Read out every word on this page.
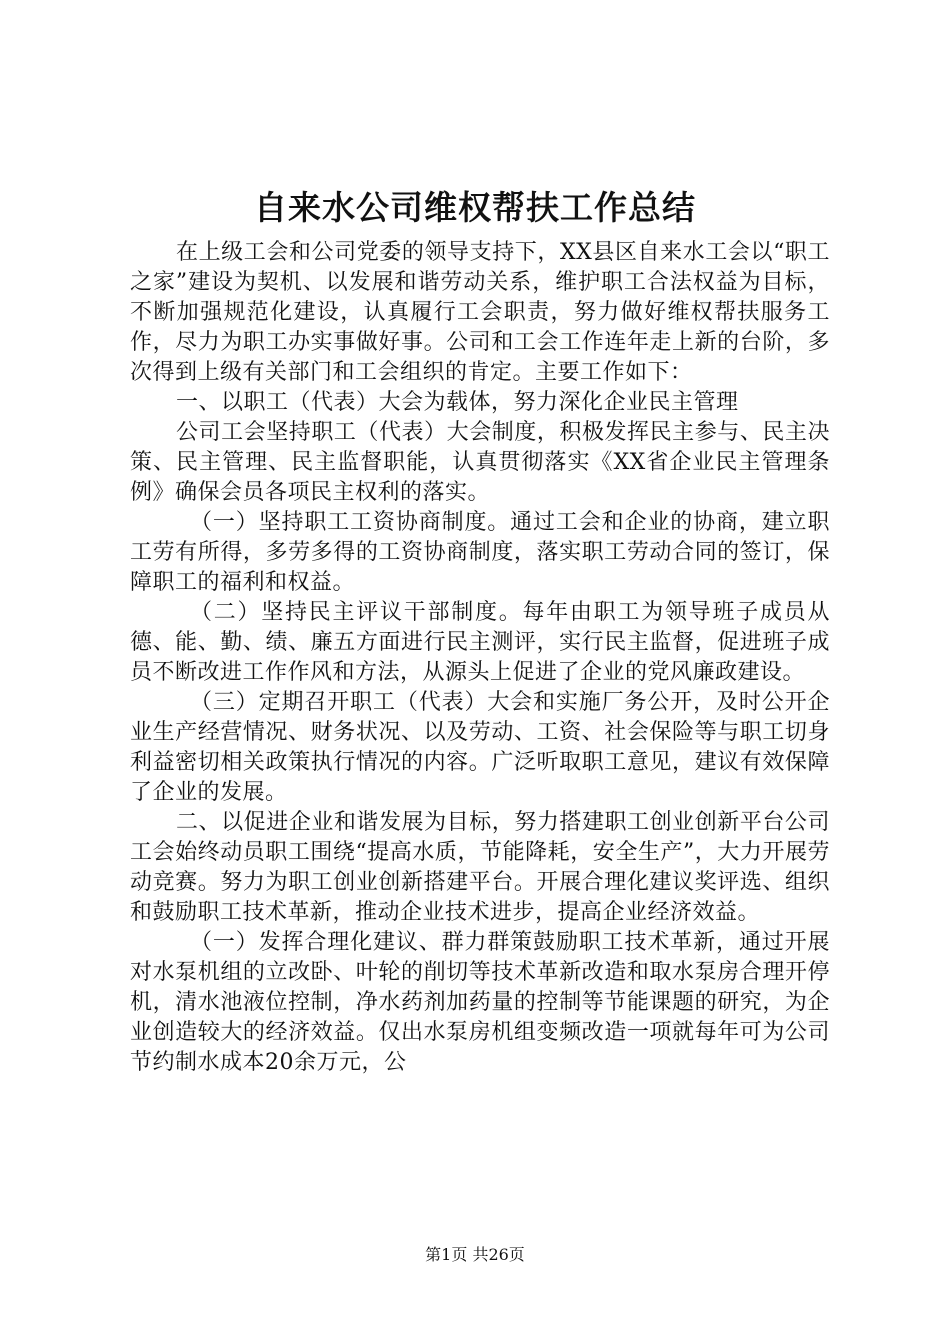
自来水公司维权帮扶工作总结

在上级工会和公司党委的领导支持下，XX县区自来水工会以“职工之家”建设为契机、以发展和谐劳动关系，维护职工合法权益为目标，不断加强规范化建设，认真履行工会职责，努力做好维权帮扶服务工作，尽力为职工办实事做好事。公司和工会工作连年走上新的台阶，多次得到上级有关部门和工会组织的肯定。主要工作如下：

一、以职工（代表）大会为载体，努力深化企业民主管理

公司工会坚持职工（代表）大会制度，积极发挥民主参与、民主决策、民主管理、民主监督职能，认真贯彻落实《XX省企业民主管理条例》确保会员各项民主权利的落实。

（一）坚持职工工资协商制度。通过工会和企业的协商，建立职工劳有所得，多劳多得的工资协商制度，落实职工劳动合同的签订，保障职工的福利和权益。

（二）坚持民主评议干部制度。每年由职工为领导班子成员从德、能、勤、绩、廉五方面进行民主测评，实行民主监督，促进班子成员不断改进工作作风和方法，从源头上促进了企业的党风廉政建设。

（三）定期召开职工（代表）大会和实施厂务公开，及时公开企业生产经营情况、财务状况、以及劳动、工资、社会保险等与职工切身利益密切相关政策执行情况的内容。广泛听取职工意见，建议有效保障了企业的发展。

二、以促进企业和谐发展为目标，努力搭建职工创业创新平台公司工会始终动员职工围绕“提高水质，节能降耗，安全生产”，大力开展劳动竞赛。努力为职工创业创新搭建平台。开展合理化建议奖评选、组织和鼓励职工技术革新，推动企业技术进步，提高企业经济效益。

（一）发挥合理化建议、群力群策鼓励职工技术革新，通过开展对水泵机组的立改卧、叶轮的削切等技术革新改造和取水泵房合理开停机，清水池液位控制，净水药剂加药量的控制等节能课题的研究，为企业创造较大的经济效益。仅出水泵房机组变频改造一项就每年可为公司节约制水成本20余万元，公

第1页 共26页
